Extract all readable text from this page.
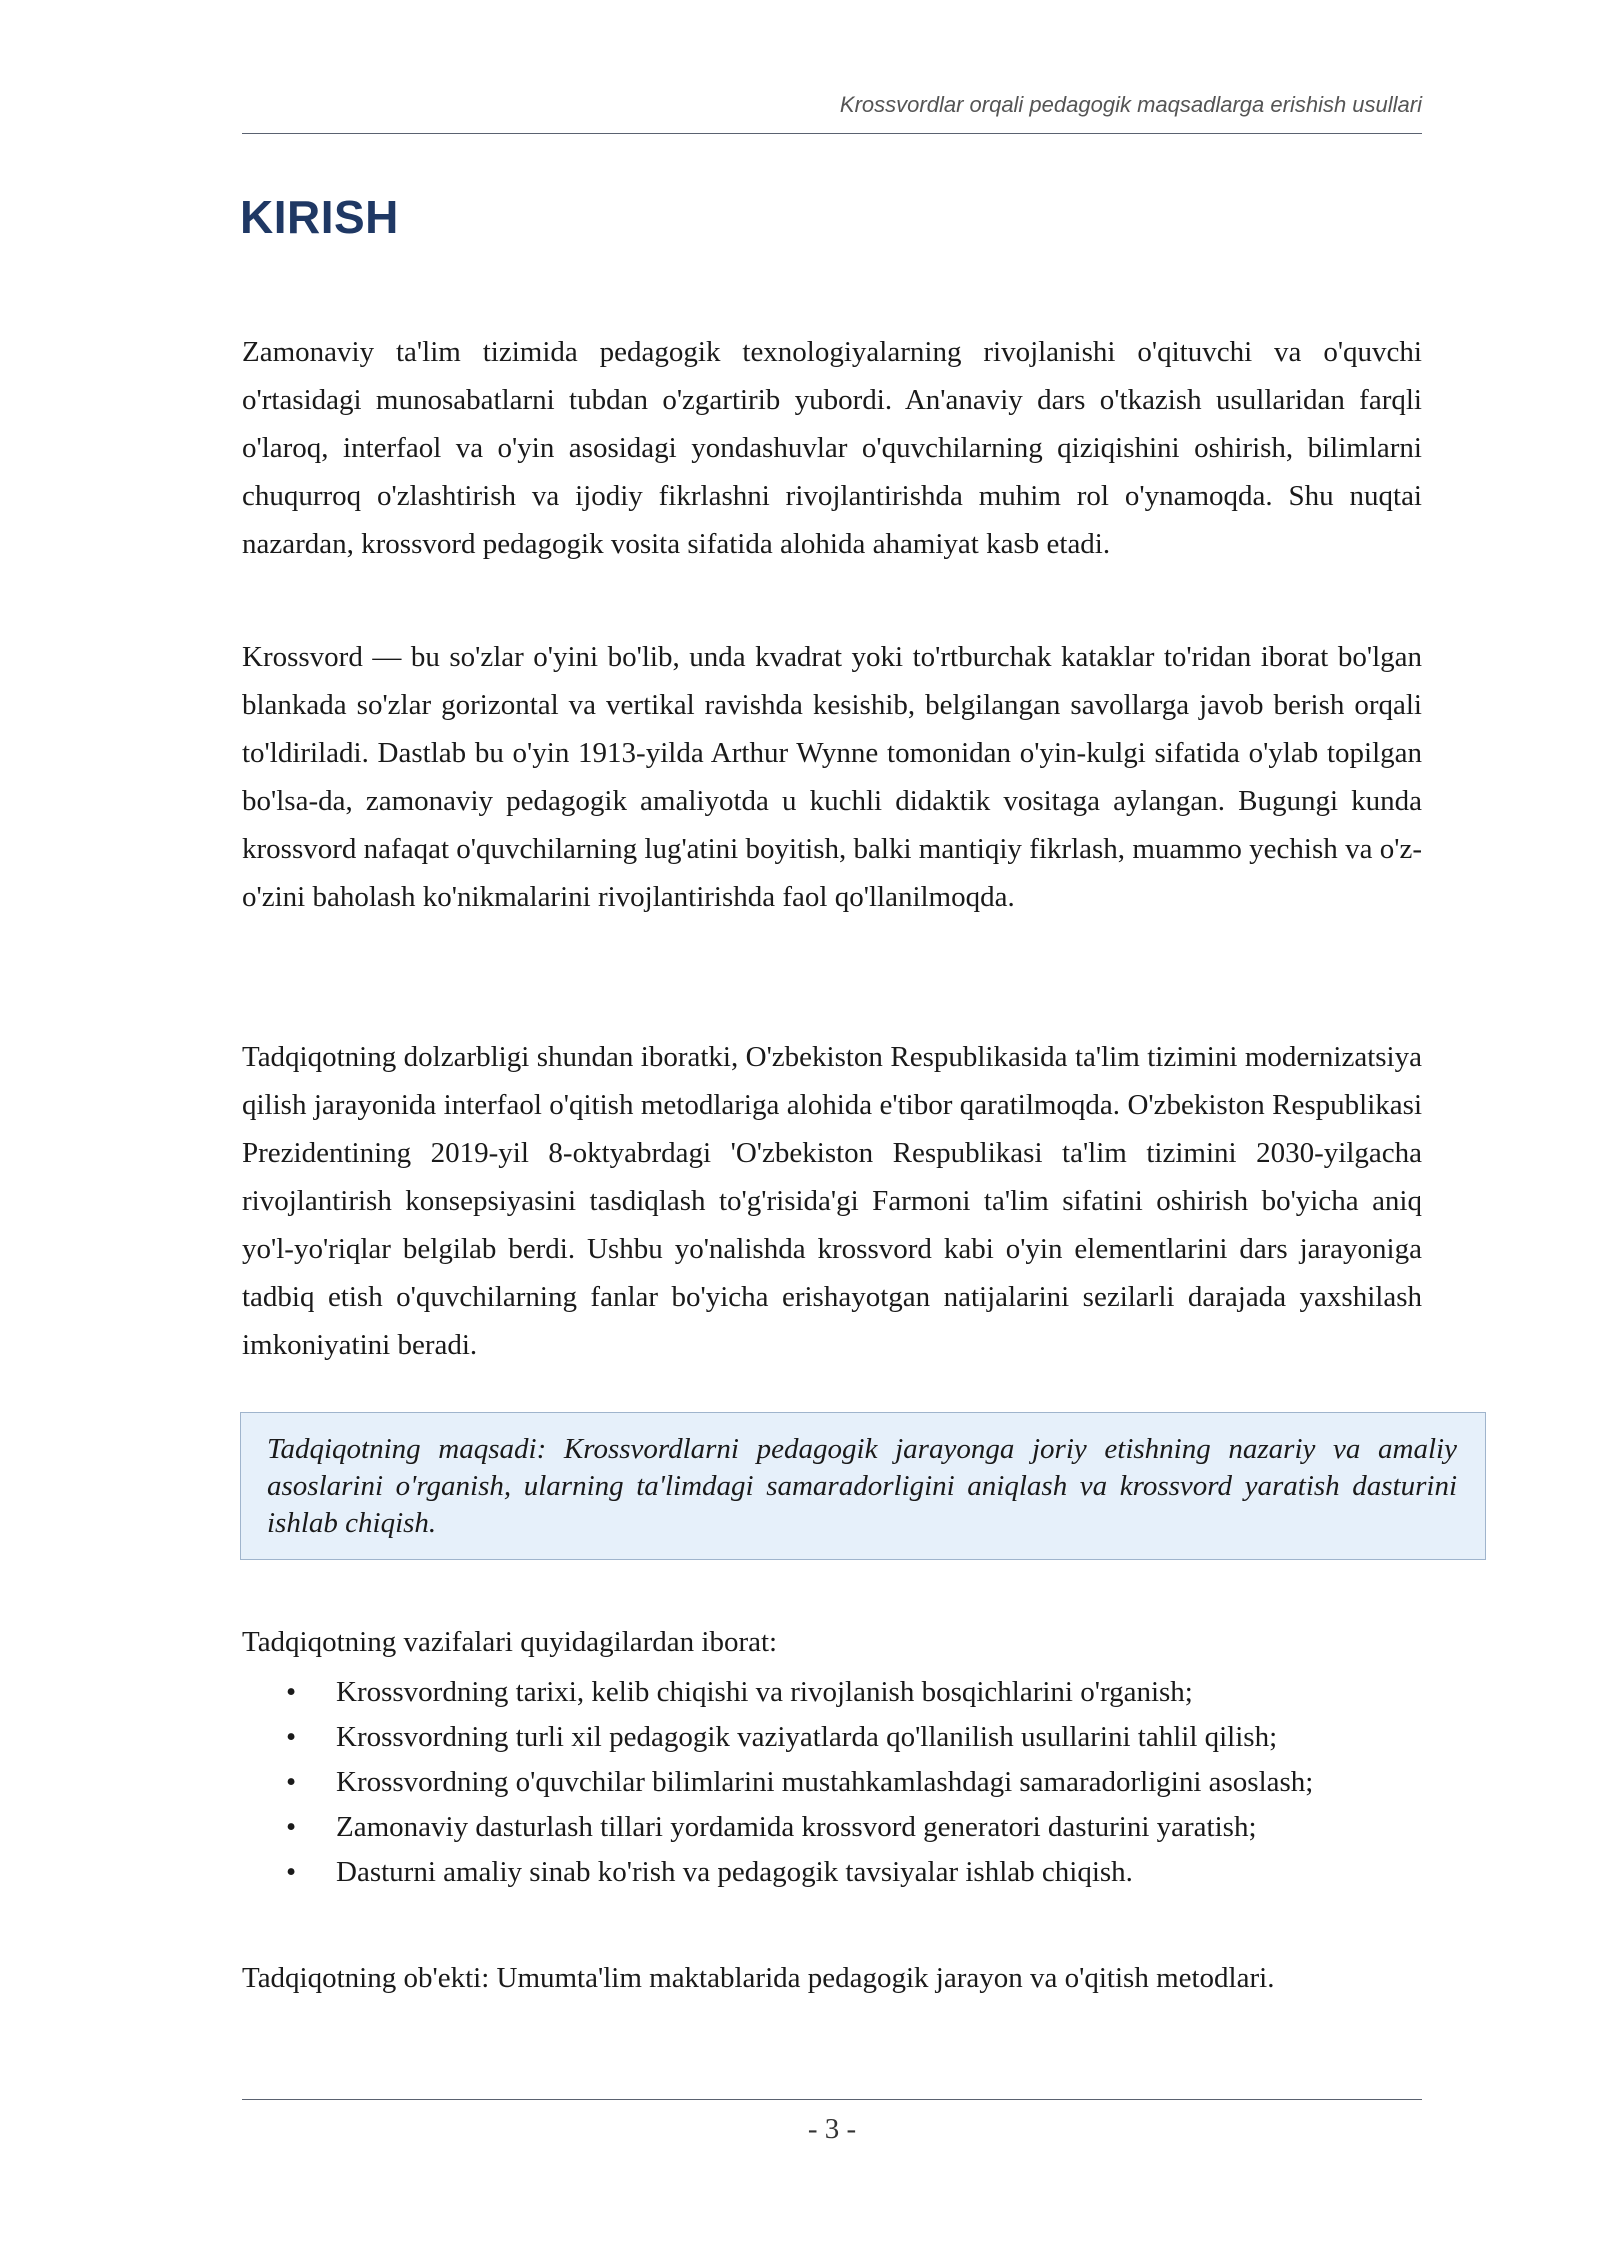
Krossvordlar orqali pedagogik maqsadlarga erishish usullari
KIRISH

Zamonaviy ta'lim tizimida pedagogik texnologiyalarning rivojlanishi o'qituvchi va o'quvchi o'rtasidagi munosabatlarni tubdan o'zgartirib yubordi. An'anaviy dars o'tkazish usullaridan farqli o'laroq, interfaol va o'yin asosidagi yondashuvlar o'quvchilarning qiziqishini oshirish, bilimlarni chuqurroq o'zlashtirish va ijodiy fikrlashni rivojlantirishda muhim rol o'ynamoqda. Shu nuqtai nazardan, krossvord pedagogik vosita sifatida alohida ahamiyat kasb etadi.

Krossvord — bu so'zlar o'yini bo'lib, unda kvadrat yoki to'rtburchak kataklar to'ridan iborat bo'lgan blankada so'zlar gorizontal va vertikal ravishda kesishib, belgilangan savollarga javob berish orqali to'ldiriladi. Dastlab bu o'yin 1913-yilda Arthur Wynne tomonidan o'yin-kulgi sifatida o'ylab topilgan bo'lsa-da, zamonaviy pedagogik amaliyotda u kuchli didaktik vositaga aylangan. Bugungi kunda krossvord nafaqat o'quvchilarning lug'atini boyitish, balki mantiqiy fikrlash, muammo yechish va o'z-o'zini baholash ko'nikmalarini rivojlantirishda faol qo'llanilmoqda.

Tadqiqotning dolzarbligi shundan iboratki, O'zbekiston Respublikasida ta'lim tizimini modernizatsiya qilish jarayonida interfaol o'qitish metodlariga alohida e'tibor qaratilmoqda. O'zbekiston Respublikasi Prezidentining 2019-yil 8-oktyabrdagi 'O'zbekiston Respublikasi ta'lim tizimini 2030-yilgacha rivojlantirish konsepsiyasini tasdiqlash to'g'risida'gi Farmoni ta'lim sifatini oshirish bo'yicha aniq yo'l-yo'riqlar belgilab berdi. Ushbu yo'nalishda krossvord kabi o'yin elementlarini dars jarayoniga tadbiq etish o'quvchilarning fanlar bo'yicha erishayotgan natijalarini sezilarli darajada yaxshilash imkoniyatini beradi.

Tadqiqotning maqsadi: Krossvordlarni pedagogik jarayonga joriy etishning nazariy va amaliy asoslarini o'rganish, ularning ta'limdagi samaradorligini aniqlash va krossvord yaratish dasturini ishlab chiqish.

Tadqiqotning vazifalari quyidagilardan iborat:

• Krossvordning tarixi, kelib chiqishi va rivojlanish bosqichlarini o'rganish;
• Krossvordning turli xil pedagogik vaziyatlarda qo'llanilish usullarini tahlil qilish;
• Krossvordning o'quvchilar bilimlarini mustahkamlashdagi samaradorligini asoslash;
• Zamonaviy dasturlash tillari yordamida krossvord generatori dasturini yaratish;
• Dasturni amaliy sinab ko'rish va pedagogik tavsiyalar ishlab chiqish.

Tadqiqotning ob'ekti: Umumta'lim maktablarida pedagogik jarayon va o'qitish metodlari.

- 3 -
